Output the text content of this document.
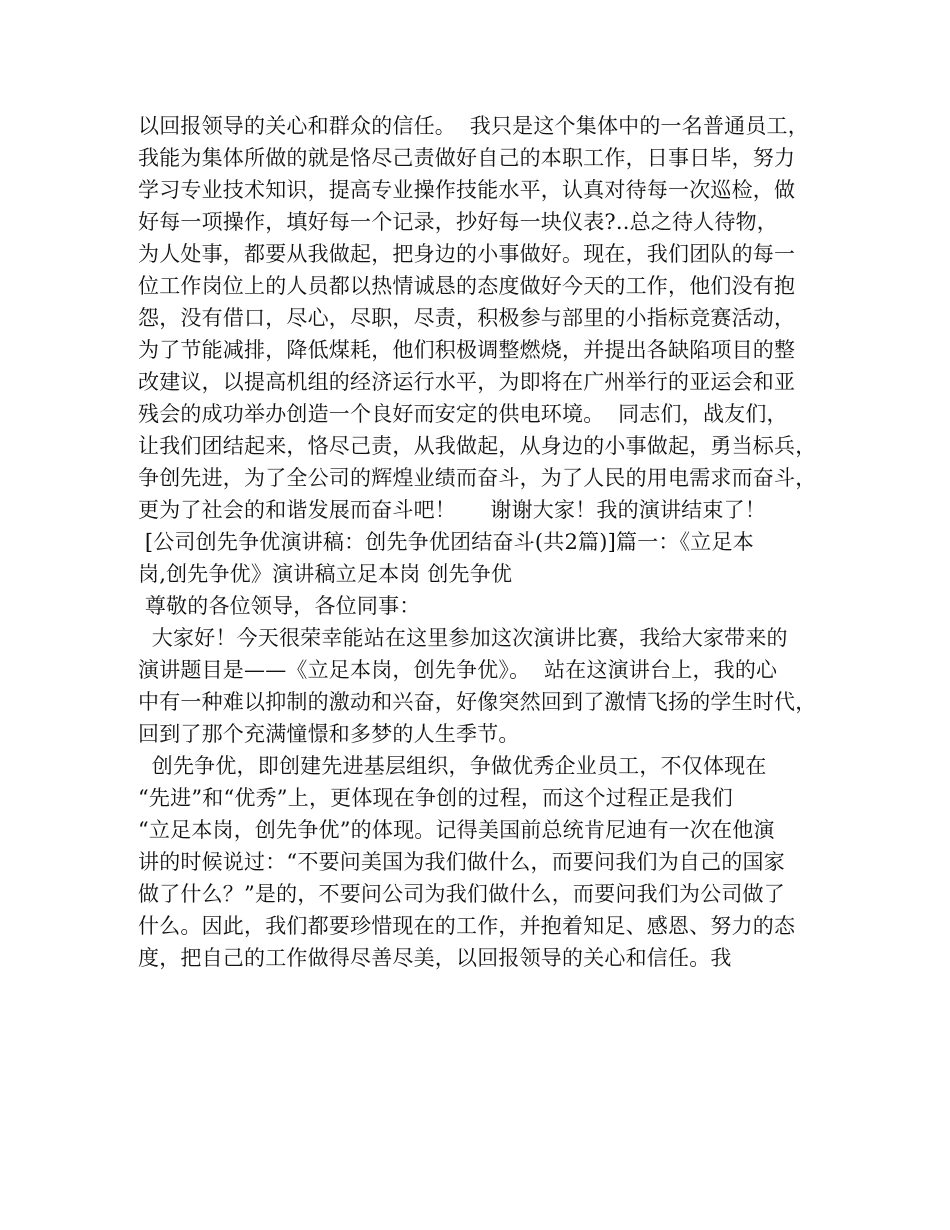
以回报领导的关心和群众的信任。  我只是这个集体中的一名普通员工，
我能为集体所做的就是恪尽己责做好自己的本职工作，日事日毕，努力
学习专业技术知识，提高专业操作技能水平，认真对待每一次巡检，做
好每一项操作，填好每一个记录，抄好每一块仪表?..总之待人待物，
为人处事，都要从我做起，把身边的小事做好。现在，我们团队的每一
位工作岗位上的人员都以热情诚恳的态度做好今天的工作，他们没有抱
怨，没有借口，尽心，尽职，尽责，积极参与部里的小指标竞赛活动，
为了节能减排，降低煤耗，他们积极调整燃烧，并提出各缺陷项目的整
改建议，以提高机组的经济运行水平，为即将在广州举行的亚运会和亚
残会的成功举办创造一个良好而安定的供电环境。  同志们，战友们，
让我们团结起来，恪尽己责，从我做起，从身边的小事做起，勇当标兵，
争创先进，为了全公司的辉煌业绩而奋斗，为了人民的用电需求而奋斗，
更为了社会的和谐发展而奋斗吧！     谢谢大家！我的演讲结束了！
[公司创先争优演讲稿：创先争优团结奋斗(共2篇)]篇一：《立足本
岗,创先争优》演讲稿立足本岗 创先争优
尊敬的各位领导，各位同事：
大家好！今天很荣幸能站在这里参加这次演讲比赛，我给大家带来的
演讲题目是——《立足本岗，创先争优》。  站在这演讲台上，我的心
中有一种难以抑制的激动和兴奋，好像突然回到了激情飞扬的学生时代，
回到了那个充满憧憬和多梦的人生季节。
创先争优，即创建先进基层组织，争做优秀企业员工，不仅体现在
“先进”和“优秀”上，更体现在争创的过程，而这个过程正是我们
“立足本岗，创先争优”的体现。记得美国前总统肯尼迪有一次在他演
讲的时候说过：“不要问美国为我们做什么，而要问我们为自己的国家
做了什么？”是的，不要问公司为我们做什么，而要问我们为公司做了
什么。因此，我们都要珍惜现在的工作，并抱着知足、感恩、努力的态
度，把自己的工作做得尽善尽美，以回报领导的关心和信任。我
